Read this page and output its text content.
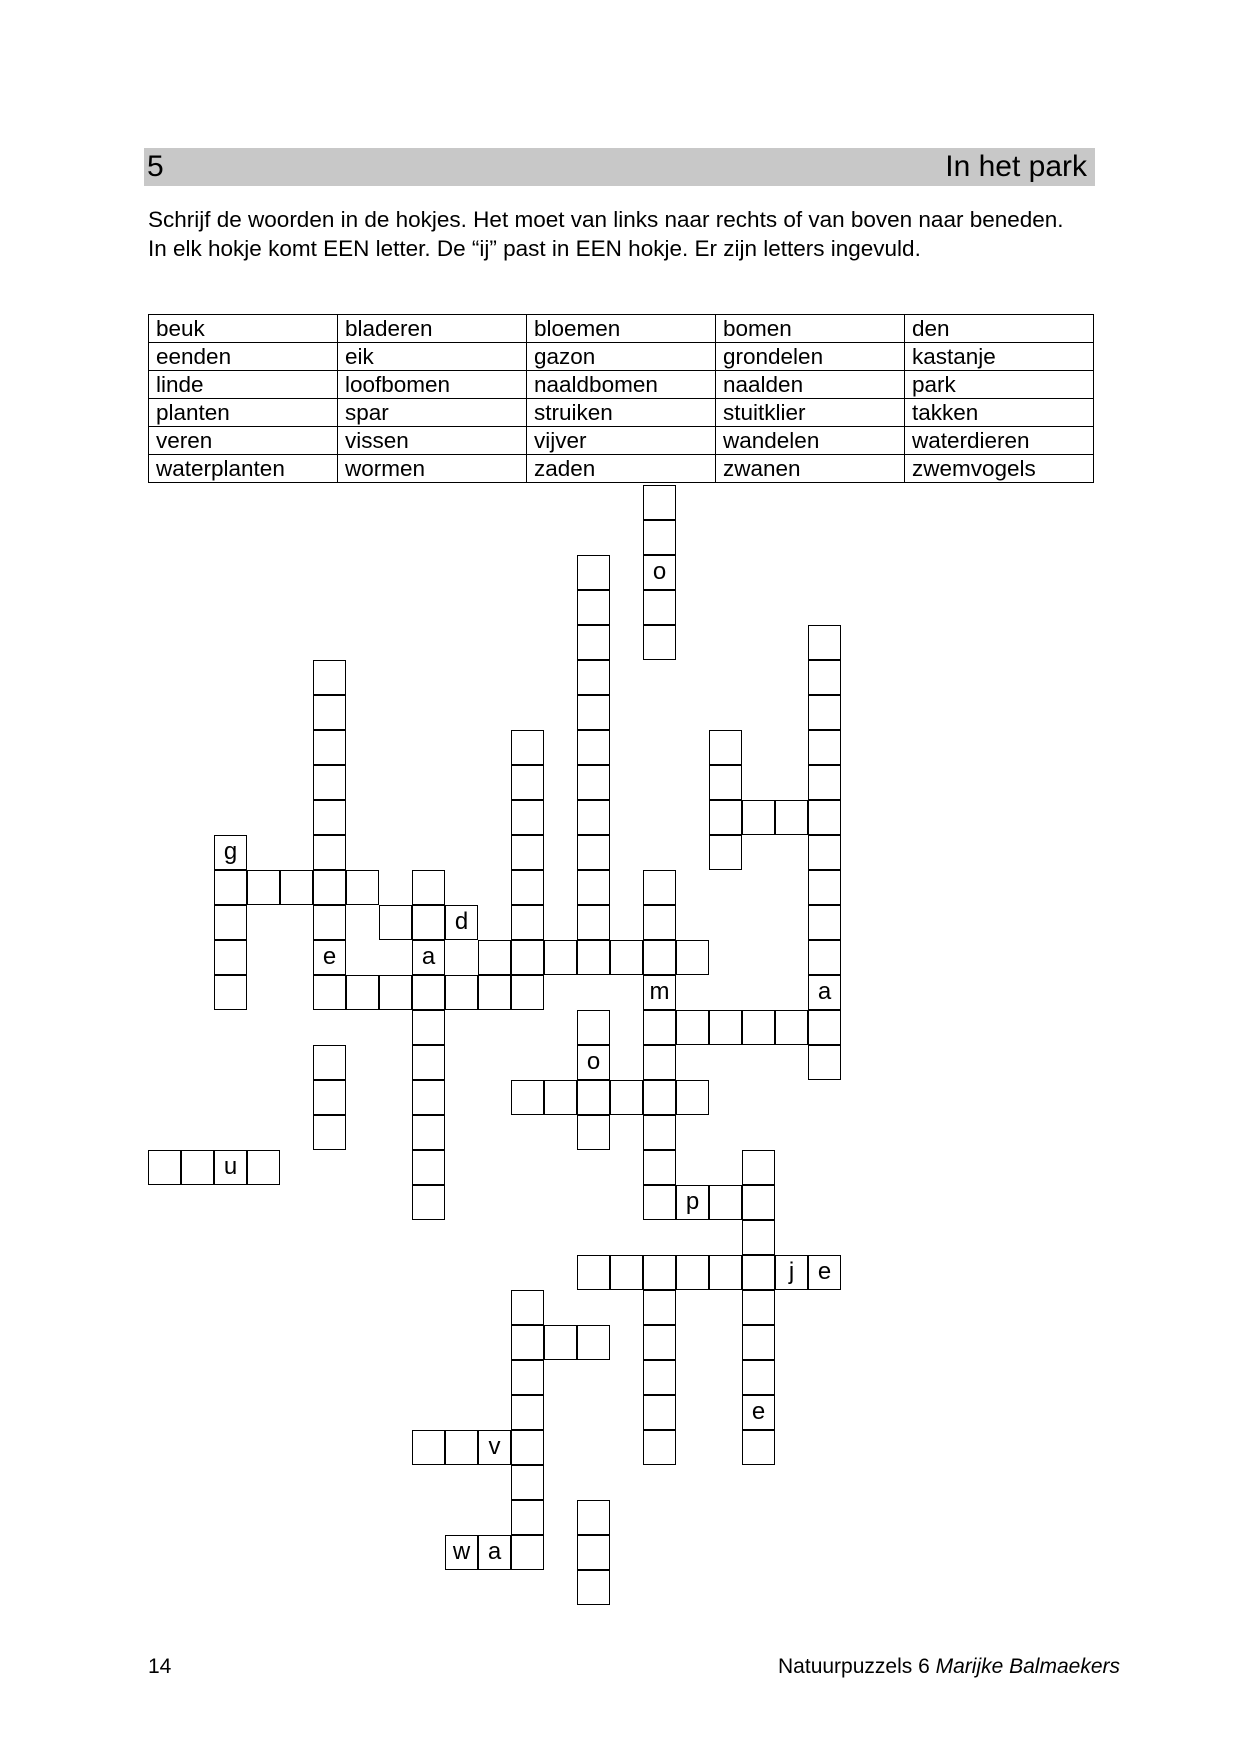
5	In het park

Schrijf de woorden in de hokjes. Het moet van links naar rechts of van boven naar beneden. In elk hokje komt EEN letter. De “ij” past in EEN hokje. Er zijn letters ingevuld.

beuk	bladeren	bloemen	bomen	den
eenden	eik	gazon	grondelen	kastanje
linde	loofbomen	naaldbomen	naalden	park
planten	spar	struiken	stuitklier	takken
veren	vissen	vijver	wandelen	waterdieren
waterplanten	wormen	zaden	zwanen	zwemvogels
d
u
p
j e
v
w a
o
a
e
g
a
m
o
e
14	Natuurpuzzels 6 Marijke Balmaekers
